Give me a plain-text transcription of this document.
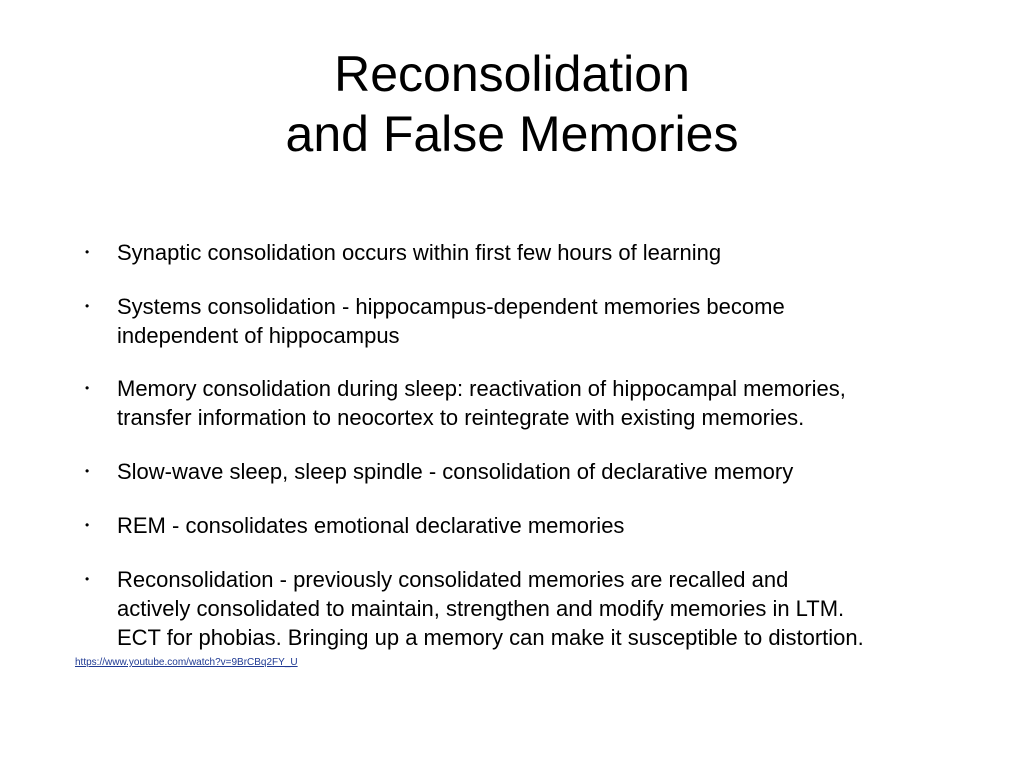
Reconsolidation
and False Memories
• Synaptic consolidation occurs within first few hours of learning
• Systems consolidation - hippocampus-dependent memories become
independent of hippocampus
• Memory consolidation during sleep: reactivation of hippocampal memories,
transfer information to neocortex to reintegrate with existing memories.
• Slow-wave sleep, sleep spindle - consolidation of declarative memory
• REM - consolidates emotional declarative memories
• Reconsolidation - previously consolidated memories are recalled and
actively consolidated to maintain, strengthen and modify memories in LTM.
ECT for phobias. Bringing up a memory can make it susceptible to distortion.
https://www.youtube.com/watch?v=9BrCBq2FY_U
